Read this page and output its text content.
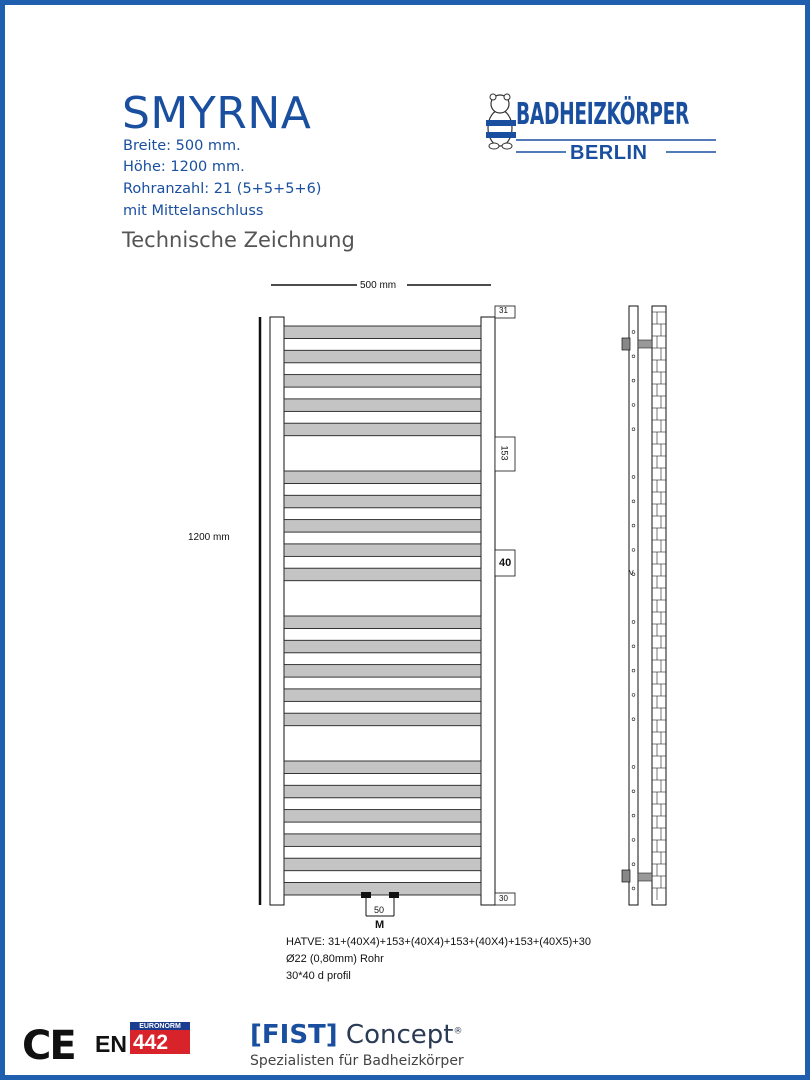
SMYRNA
Breite: 500 mm.
Höhe: 1200 mm.
Rohranzahl: 21 (5+5+5+6)
mit Mittelanschluss
Technische Zeichnung
BADHEIZKÖRPER
BERLIN
500 mm
1200 mm
31
153
40
30
50
M
V
HATVE: 31+(40X4)+153+(40X4)+153+(40X4)+153+(40X5)+30
Ø22 (0,80mm) Rohr
30*40 d profil
CE EN
EURONORM
442	[FIST] Concept®
Spezialisten für Badheizkörper
